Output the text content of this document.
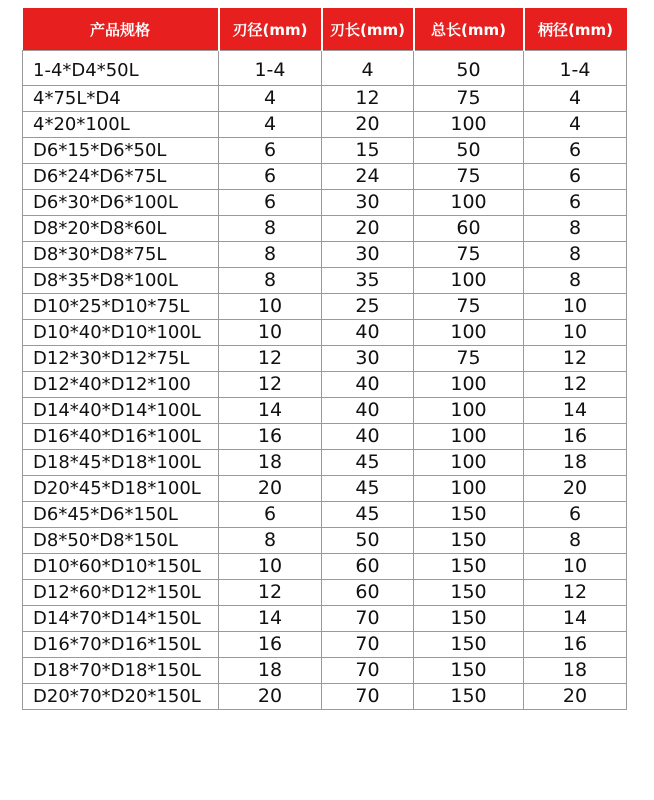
产品规格	刃径(mm)	刃长(mm)	总长(mm)	柄径(mm)
1-4*D4*50L	1-4	4	50	1-4
4*75L*D4	4	12	75	4
4*20*100L	4	20	100	4
D6*15*D6*50L	6	15	50	6
D6*24*D6*75L	6	24	75	6
D6*30*D6*100L	6	30	100	6
D8*20*D8*60L	8	20	60	8
D8*30*D8*75L	8	30	75	8
D8*35*D8*100L	8	35	100	8
D10*25*D10*75L	10	25	75	10
D10*40*D10*100L	10	40	100	10
D12*30*D12*75L	12	30	75	12
D12*40*D12*100	12	40	100	12
D14*40*D14*100L	14	40	100	14
D16*40*D16*100L	16	40	100	16
D18*45*D18*100L	18	45	100	18
D20*45*D18*100L	20	45	100	20
D6*45*D6*150L	6	45	150	6
D8*50*D8*150L	8	50	150	8
D10*60*D10*150L	10	60	150	10
D12*60*D12*150L	12	60	150	12
D14*70*D14*150L	14	70	150	14
D16*70*D16*150L	16	70	150	16
D18*70*D18*150L	18	70	150	18
D20*70*D20*150L	20	70	150	20
